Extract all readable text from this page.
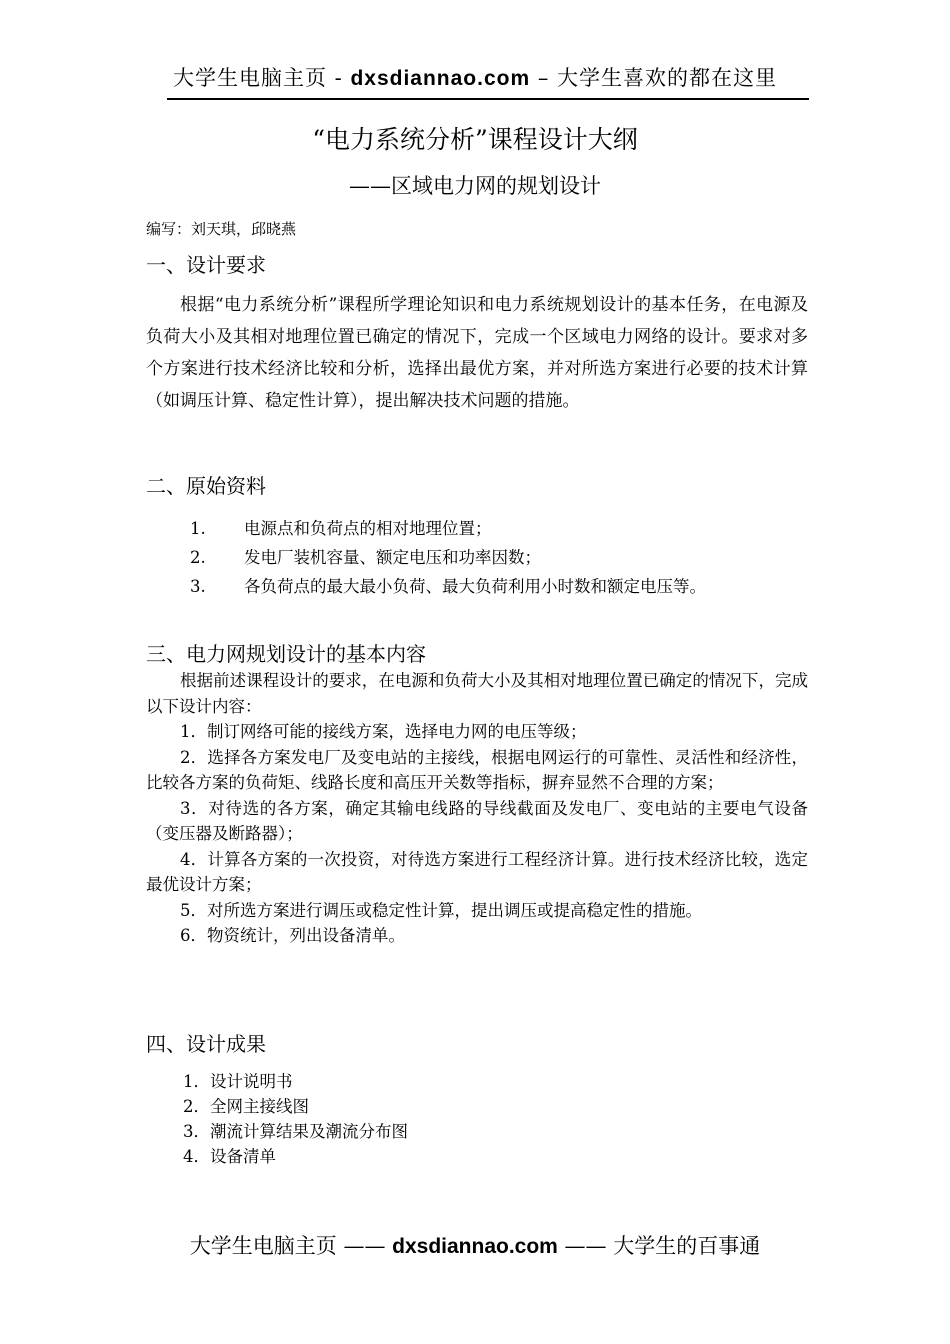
大学生电脑主页 - dxsdiannao.com – 大学生喜欢的都在这里
“电力系统分析”课程设计大纲
——区域电力网的规划设计
编写：刘天琪，邱晓燕
一、设计要求
根据“电力系统分析”课程所学理论知识和电力系统规划设计的基本任务，在电源及负荷大小及其相对地理位置已确定的情况下，完成一个区域电力网络的设计。要求对多个方案进行技术经济比较和分析，选择出最优方案，并对所选方案进行必要的技术计算（如调压计算、稳定性计算），提出解决技术问题的措施。
二、原始资料
1. 电源点和负荷点的相对地理位置；
2. 发电厂装机容量、额定电压和功率因数；
3. 各负荷点的最大最小负荷、最大负荷利用小时数和额定电压等。
三、电力网规划设计的基本内容
根据前述课程设计的要求，在电源和负荷大小及其相对地理位置已确定的情况下，完成以下设计内容：
1．制订网络可能的接线方案，选择电力网的电压等级；
2．选择各方案发电厂及变电站的主接线，根据电网运行的可靠性、灵活性和经济性，比较各方案的负荷矩、线路长度和高压开关数等指标，摒弃显然不合理的方案；
3．对待选的各方案，确定其输电线路的导线截面及发电厂、变电站的主要电气设备（变压器及断路器）；
4．计算各方案的一次投资，对待选方案进行工程经济计算。进行技术经济比较，选定最优设计方案；
5．对所选方案进行调压或稳定性计算，提出调压或提高稳定性的措施。
6．物资统计，列出设备清单。
四、设计成果
1．设计说明书
2．全网主接线图
3．潮流计算结果及潮流分布图
4．设备清单
大学生电脑主页 —— dxsdiannao.com —— 大学生的百事通
